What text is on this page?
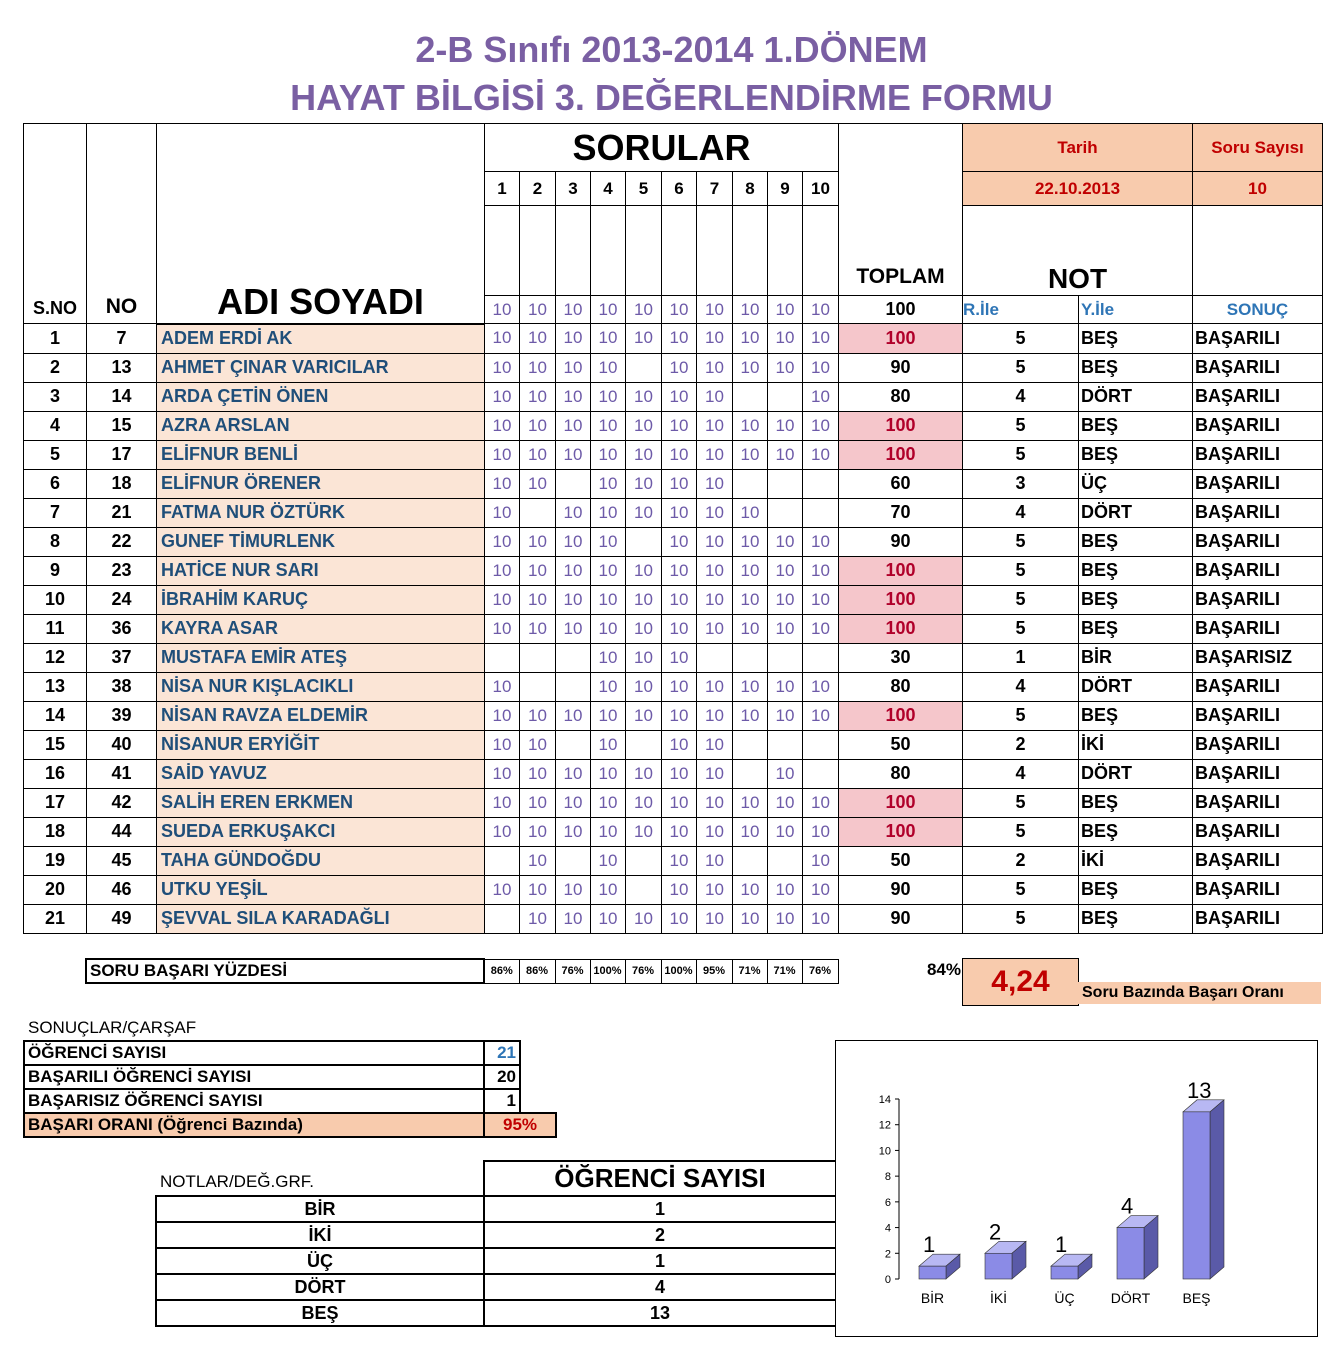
2-B Sınıfı 2013-2014 1.DÖNEM
HAYAT BİLGİSİ 3. DEĞERLENDİRME FORMU
S.NO	NO	ADI SOYADI	SORULAR										TOPLAM	Tarih		Soru Sayısı
			1	2	3	4	5	6	7	8	9	10		22.10.2013		10
														NOT		
			10	10	10	10	10	10	10	10	10	10	100	R.İle	Y.İle	SONUÇ
1	7	ADEM ERDİ AK	10	10	10	10	10	10	10	10	10	10	100	5	BEŞ	BAŞARILI
2	13	AHMET ÇINAR VARICILAR	10	10	10	10		10	10	10	10	10	90	5	BEŞ	BAŞARILI
3	14	ARDA ÇETİN ÖNEN	10	10	10	10	10	10	10			10	80	4	DÖRT	BAŞARILI
4	15	AZRA ARSLAN	10	10	10	10	10	10	10	10	10	10	100	5	BEŞ	BAŞARILI
5	17	ELİFNUR BENLİ	10	10	10	10	10	10	10	10	10	10	100	5	BEŞ	BAŞARILI
6	18	ELİFNUR ÖRENER	10	10		10	10	10	10				60	3	ÜÇ	BAŞARILI
7	21	FATMA NUR ÖZTÜRK	10		10	10	10	10	10	10			70	4	DÖRT	BAŞARILI
8	22	GUNEF TİMURLENK	10	10	10	10		10	10	10	10	10	90	5	BEŞ	BAŞARILI
9	23	HATİCE NUR SARI	10	10	10	10	10	10	10	10	10	10	100	5	BEŞ	BAŞARILI
10	24	İBRAHİM KARUÇ	10	10	10	10	10	10	10	10	10	10	100	5	BEŞ	BAŞARILI
11	36	KAYRA ASAR	10	10	10	10	10	10	10	10	10	10	100	5	BEŞ	BAŞARILI
12	37	MUSTAFA EMİR ATEŞ				10	10	10					30	1	BİR	BAŞARISIZ
13	38	NİSA NUR KIŞLACIKLI	10			10	10	10	10	10	10	10	80	4	DÖRT	BAŞARILI
14	39	NİSAN RAVZA ELDEMİR	10	10	10	10	10	10	10	10	10	10	100	5	BEŞ	BAŞARILI
15	40	NİSANUR ERYİĞİT	10	10		10		10	10				50	2	İKİ	BAŞARILI
16	41	SAİD YAVUZ	10	10	10	10	10	10	10		10		80	4	DÖRT	BAŞARILI
17	42	SALİH EREN ERKMEN	10	10	10	10	10	10	10	10	10	10	100	5	BEŞ	BAŞARILI
18	44	SUEDA ERKUŞAKCI	10	10	10	10	10	10	10	10	10	10	100	5	BEŞ	BAŞARILI
19	45	TAHA GÜNDOĞDU		10		10		10	10			10	50	2	İKİ	BAŞARILI
20	46	UTKU YEŞİL	10	10	10	10		10	10	10	10	10	90	5	BEŞ	BAŞARILI
21	49	ŞEVVAL SILA KARADAĞLI		10	10	10	10	10	10	10	10	10	90	5	BEŞ	BAŞARILI
	SORU BAŞARI YÜZDESİ	86%	86%	76%	100%	76%	100%	95%	71%	71%	76%	84%	4,24	Soru Bazında Başarı Oranı
SONUÇLAR/ÇARŞAF
ÖĞRENCİ SAYISI	21	
BAŞARILI ÖĞRENCİ SAYISI	20	
BAŞARISIZ ÖĞRENCİ SAYISI	1	
BAŞARI ORANI (Öğrenci Bazında)	95%	
NOTLAR/DEĞ.GRF.
		ÖĞRENCİ SAYISI
BİR	1
İKİ	2
ÜÇ	1
DÖRT	4
BEŞ	13
0
2
4
6
8
10
12
14
1
BİR
2
İKİ
1
ÜÇ
4
DÖRT
13
BEŞ
